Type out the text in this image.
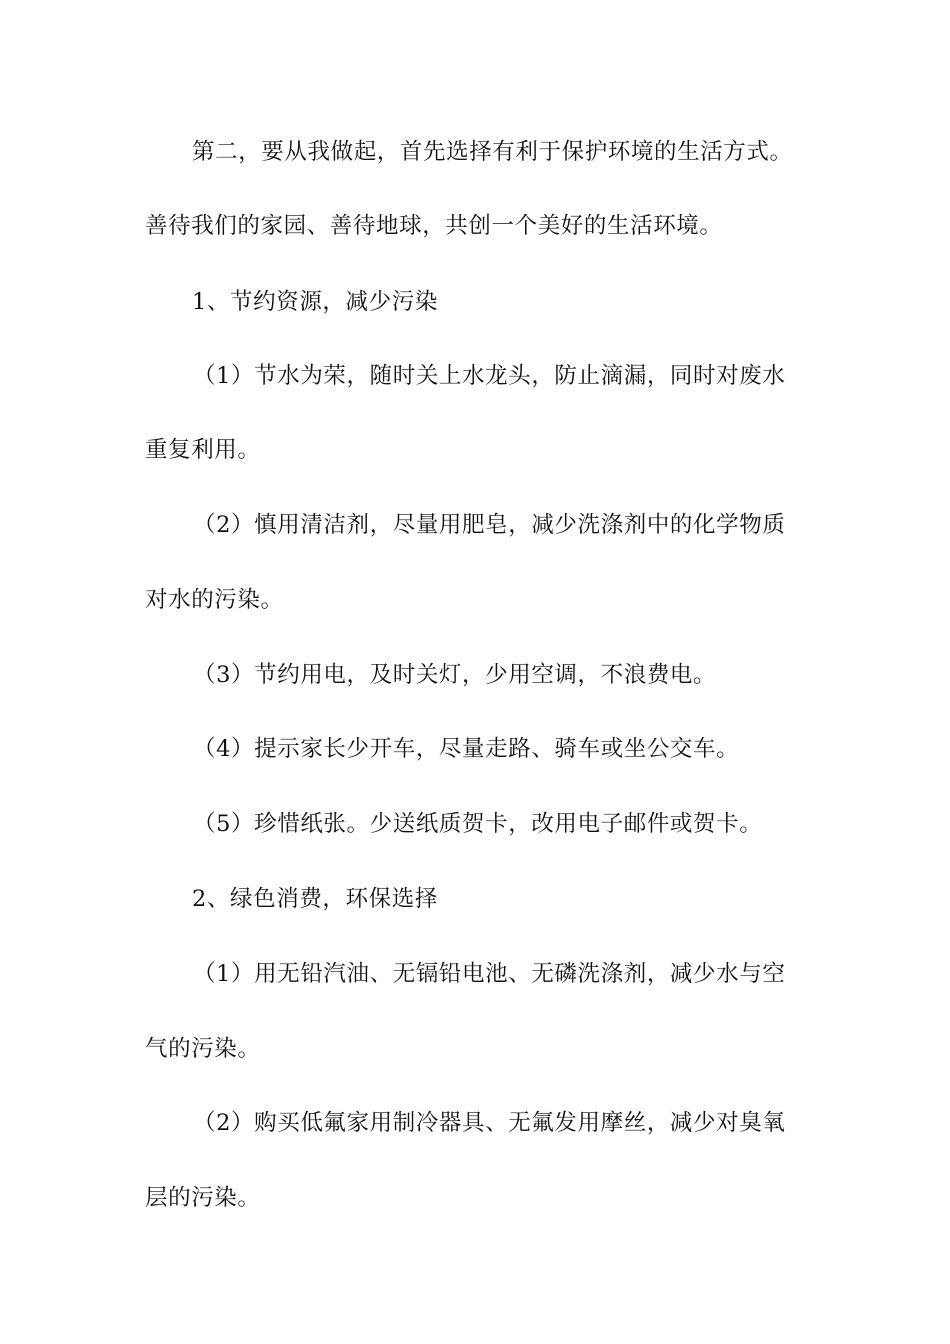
第二，要从我做起，首先选择有利于保护环境的生活方式。
善待我们的家园、善待地球，共创一个美好的生活环境。
1、节约资源，减少污染
（1）节水为荣，随时关上水龙头，防止滴漏，同时对废水
重复利用。
（2）慎用清洁剂，尽量用肥皂，减少洗涤剂中的化学物质
对水的污染。
（3）节约用电，及时关灯，少用空调，不浪费电。
（4）提示家长少开车，尽量走路、骑车或坐公交车。
（5）珍惜纸张。少送纸质贺卡，改用电子邮件或贺卡。
2、绿色消费，环保选择
（1）用无铅汽油、无镉铅电池、无磷洗涤剂，减少水与空
气的污染。
（2）购买低氟家用制冷器具、无氟发用摩丝，减少对臭氧
层的污染。
